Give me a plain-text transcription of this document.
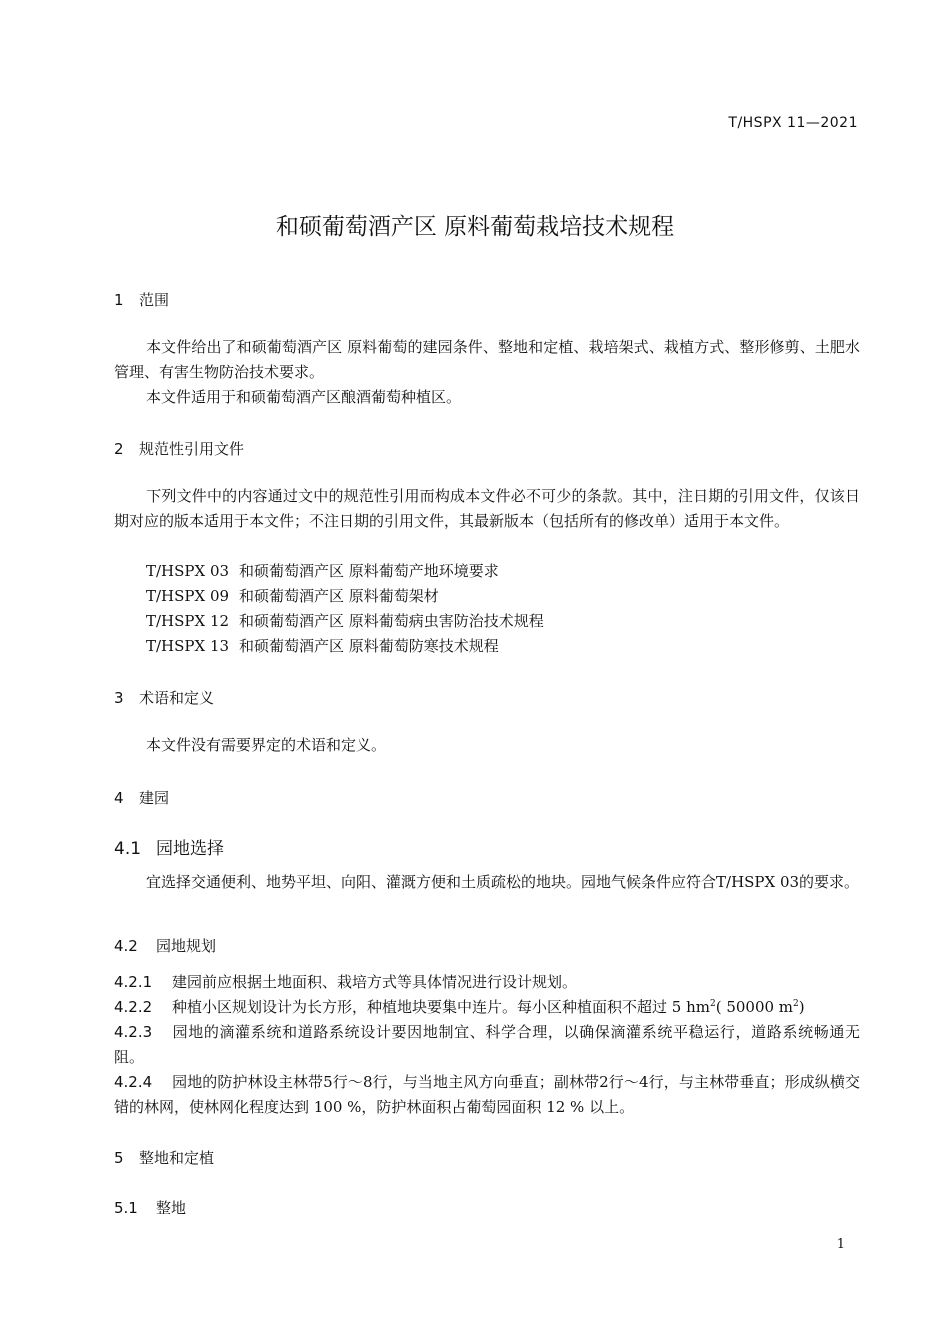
T/HSPX 11—2021
和硕葡萄酒产区 原料葡萄栽培技术规程
1 范围
本文件给出了和硕葡萄酒产区 原料葡萄的建园条件、整地和定植、栽培架式、栽植方式、整形修剪、土肥水管理、有害生物防治技术要求。
本文件适用于和硕葡萄酒产区酿酒葡萄种植区。
2 规范性引用文件
下列文件中的内容通过文中的规范性引用而构成本文件必不可少的条款。其中，注日期的引用文件，仅该日期对应的版本适用于本文件；不注日期的引用文件，其最新版本（包括所有的修改单）适用于本文件。
T/HSPX 03 和硕葡萄酒产区 原料葡萄产地环境要求
T/HSPX 09 和硕葡萄酒产区 原料葡萄架材
T/HSPX 12 和硕葡萄酒产区 原料葡萄病虫害防治技术规程
T/HSPX 13 和硕葡萄酒产区 原料葡萄防寒技术规程
3 术语和定义
本文件没有需要界定的术语和定义。
4 建园
4.1 园地选择
宜选择交通便利、地势平坦、向阳、灌溉方便和土质疏松的地块。园地气候条件应符合T/HSPX 03的要求。
4.2 园地规划
4.2.1 建园前应根据土地面积、栽培方式等具体情况进行设计规划。
4.2.2 种植小区规划设计为长方形，种植地块要集中连片。每小区种植面积不超过 5 $hm^2$( 50000 $m^2$)
4.2.3 园地的滴灌系统和道路系统设计要因地制宜、科学合理，以确保滴灌系统平稳运行，道路系统畅通无阻。
4.2.4 园地的防护林设主林带5行～8行，与当地主风方向垂直；副林带2行～4行，与主林带垂直；形成纵横交错的林网，使林网化程度达到 100 %，防护林面积占葡萄园面积 12 % 以上。
5 整地和定植
5.1 整地
1
